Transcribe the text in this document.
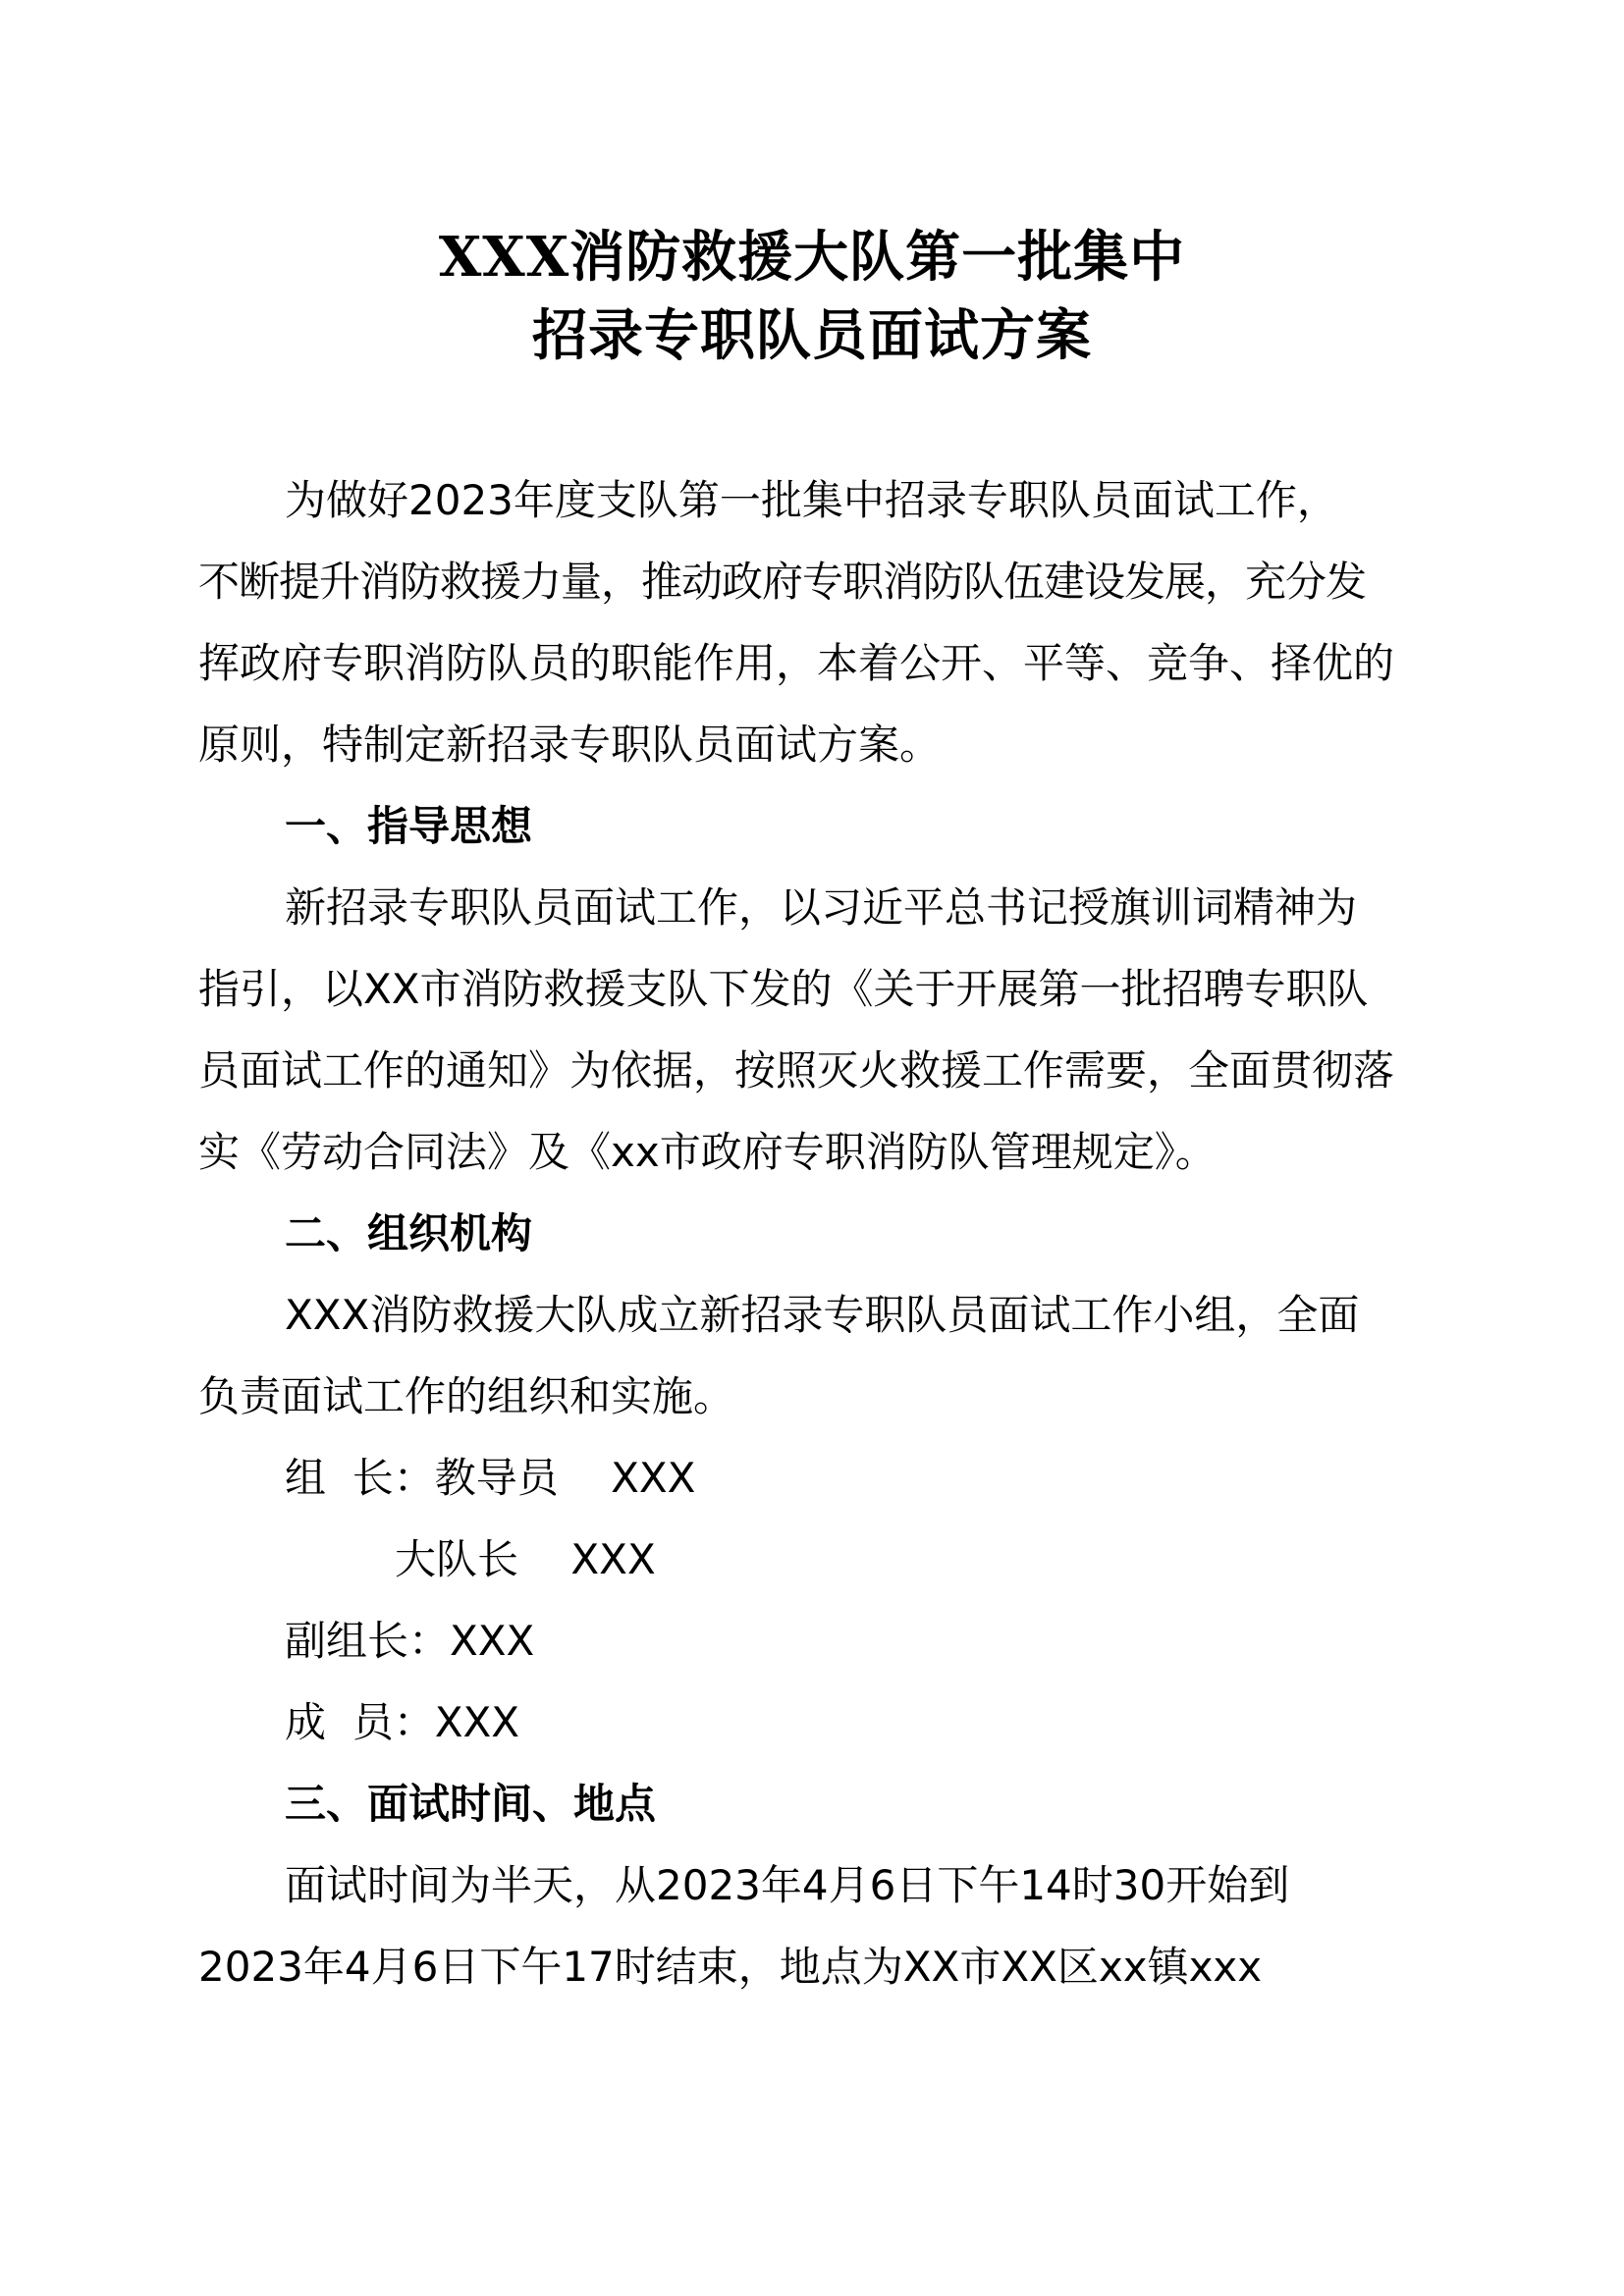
XXX消防救援大队第一批集中
招录专职队员面试方案
为做好2023年度支队第一批集中招录专职队员面试工作，
不断提升消防救援力量，推动政府专职消防队伍建设发展，充分发
挥政府专职消防队员的职能作用，本着公开、平等、竞争、择优的
原则，特制定新招录专职队员面试方案。
一、指导思想
新招录专职队员面试工作，以习近平总书记授旗训词精神为
指引，以XX市消防救援支队下发的《关于开展第一批招聘专职队
员面试工作的通知》为依据，按照灭火救援工作需要，全面贯彻落
实《劳动合同法》及《xx市政府专职消防队管理规定》。
二、组织机构
XXX消防救援大队成立新招录专职队员面试工作小组，全面
负责面试工作的组织和实施。
组  长：教导员    XXX
大队长    XXX
副组长：XXX
成  员：XXX
三、面试时间、地点
面试时间为半天，从2023年4月6日下午14时30开始到
2023年4月6日下午17时结束，地点为XX市XX区xx镇xxx
